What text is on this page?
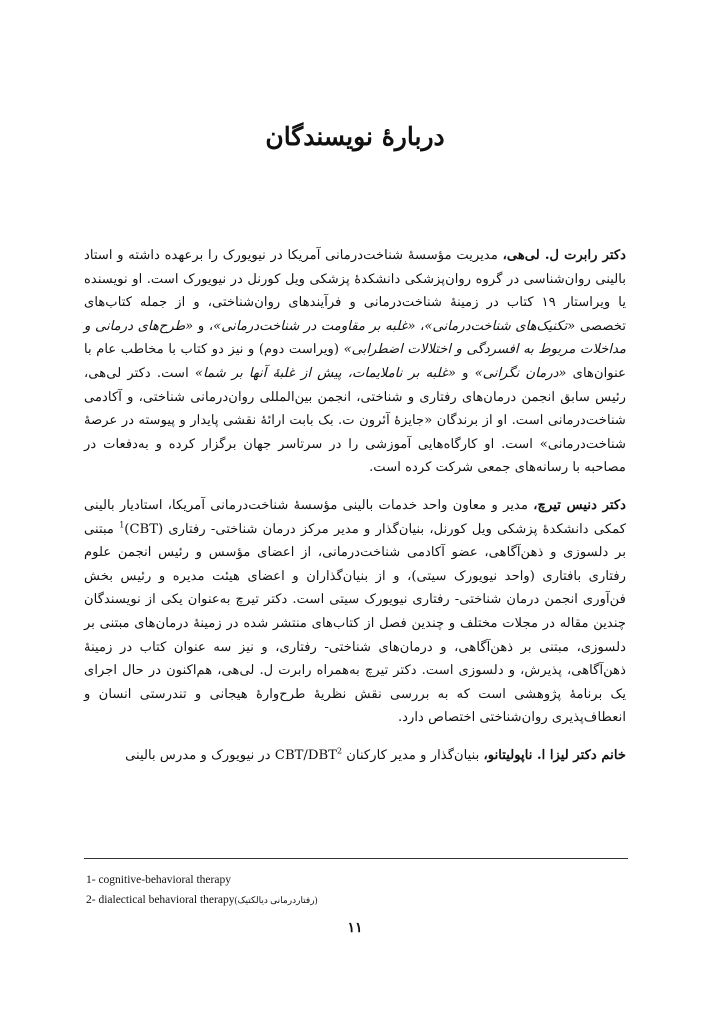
دربارهٔ نویسندگان

دکتر رابرت ل. لی‌هی، مدیریت مؤسسهٔ شناخت‌درمانی آمریکا در نیویورک را برعهده داشته و استاد بالینی روان‌شناسی در گروه روان‌پزشکی دانشکدهٔ پزشکی ویل کورنل در نیویورک است. او نویسنده یا ویراستار ۱۹ کتاب در زمینهٔ شناخت‌درمانی و فرآیندهای روان‌شناختی، و از جمله کتاب‌های تخصصی «تکنیک‌های شناخت‌درمانی»، «غلبه بر مقاومت در شناخت‌درمانی»، و «طرح‌های درمانی و مداخلات مربوط به افسردگی و اختلالات اضطرابی» (ویراست دوم) و نیز دو کتاب با مخاطب عام با عنوان‌های «درمان نگرانی» و «غلبه بر ناملایمات، پیش از غلبهٔ آنها بر شما» است. دکتر لی‌هی، رئیس سابق انجمن درمان‌های رفتاری و شناختی، انجمن بین‌المللی روان‌درمانی شناختی، و آکادمی شناخت‌درمانی است. او از برندگان «جایزهٔ آئرون ت. بک بابت ارائهٔ نقشی پایدار و پیوسته در عرصهٔ شناخت‌درمانی» است. او کارگاه‌هایی آموزشی را در سرتاسر جهان برگزار کرده و به‌دفعات در مصاحبه با رسانه‌های جمعی شرکت کرده است.

دکتر دنیس تیرچ، مدیر و معاون واحد خدمات بالینی مؤسسهٔ شناخت‌درمانی آمریکا، استادیار بالینی کمکی دانشکدهٔ پزشکی ویل کورنل، بنیان‌گذار و مدیر مرکز درمان شناختی- رفتاری (CBT)$^1$ مبتنی بر دلسوزی و ذهن‌آگاهی، عضو آکادمی شناخت‌درمانی، از اعضای مؤسس و رئیس انجمن علوم رفتاری بافتاری (واحد نیویورک سیتی)، و از بنیان‌گذاران و اعضای هیئت مدیره و رئیس بخش فن‌آوری انجمن درمان شناختی- رفتاری نیویورک سیتی است. دکتر تیرچ به‌عنوان یکی از نویسندگان چندین مقاله در مجلات مختلف و چندین فصل از کتاب‌های منتشر شده در زمینهٔ درمان‌های مبتنی بر دلسوزی، مبتنی بر ذهن‌آگاهی، و درمان‌های شناختی- رفتاری، و نیز سه عنوان کتاب در زمینهٔ ذهن‌آگاهی، پذیرش، و دلسوزی است. دکتر تیرچ به‌همراه رابرت ل. لی‌هی، هم‌اکنون در حال اجرای یک برنامهٔ پژوهشی است که به بررسی نقش نظریهٔ طرح‌وارهٔ هیجانی و تندرستی انسان و انعطاف‌پذیری روان‌شناختی اختصاص دارد.

خانم دکتر لیزا ا. ناپولیتانو، بنیان‌گذار و مدیر کارکنان CBT/DBT$^2$ در نیویورک و مدرس بالینی

1- cognitive-behavioral therapy
2- dialectical behavioral therapy(رفتاردرمانی دیالکتیک)
۱۱
